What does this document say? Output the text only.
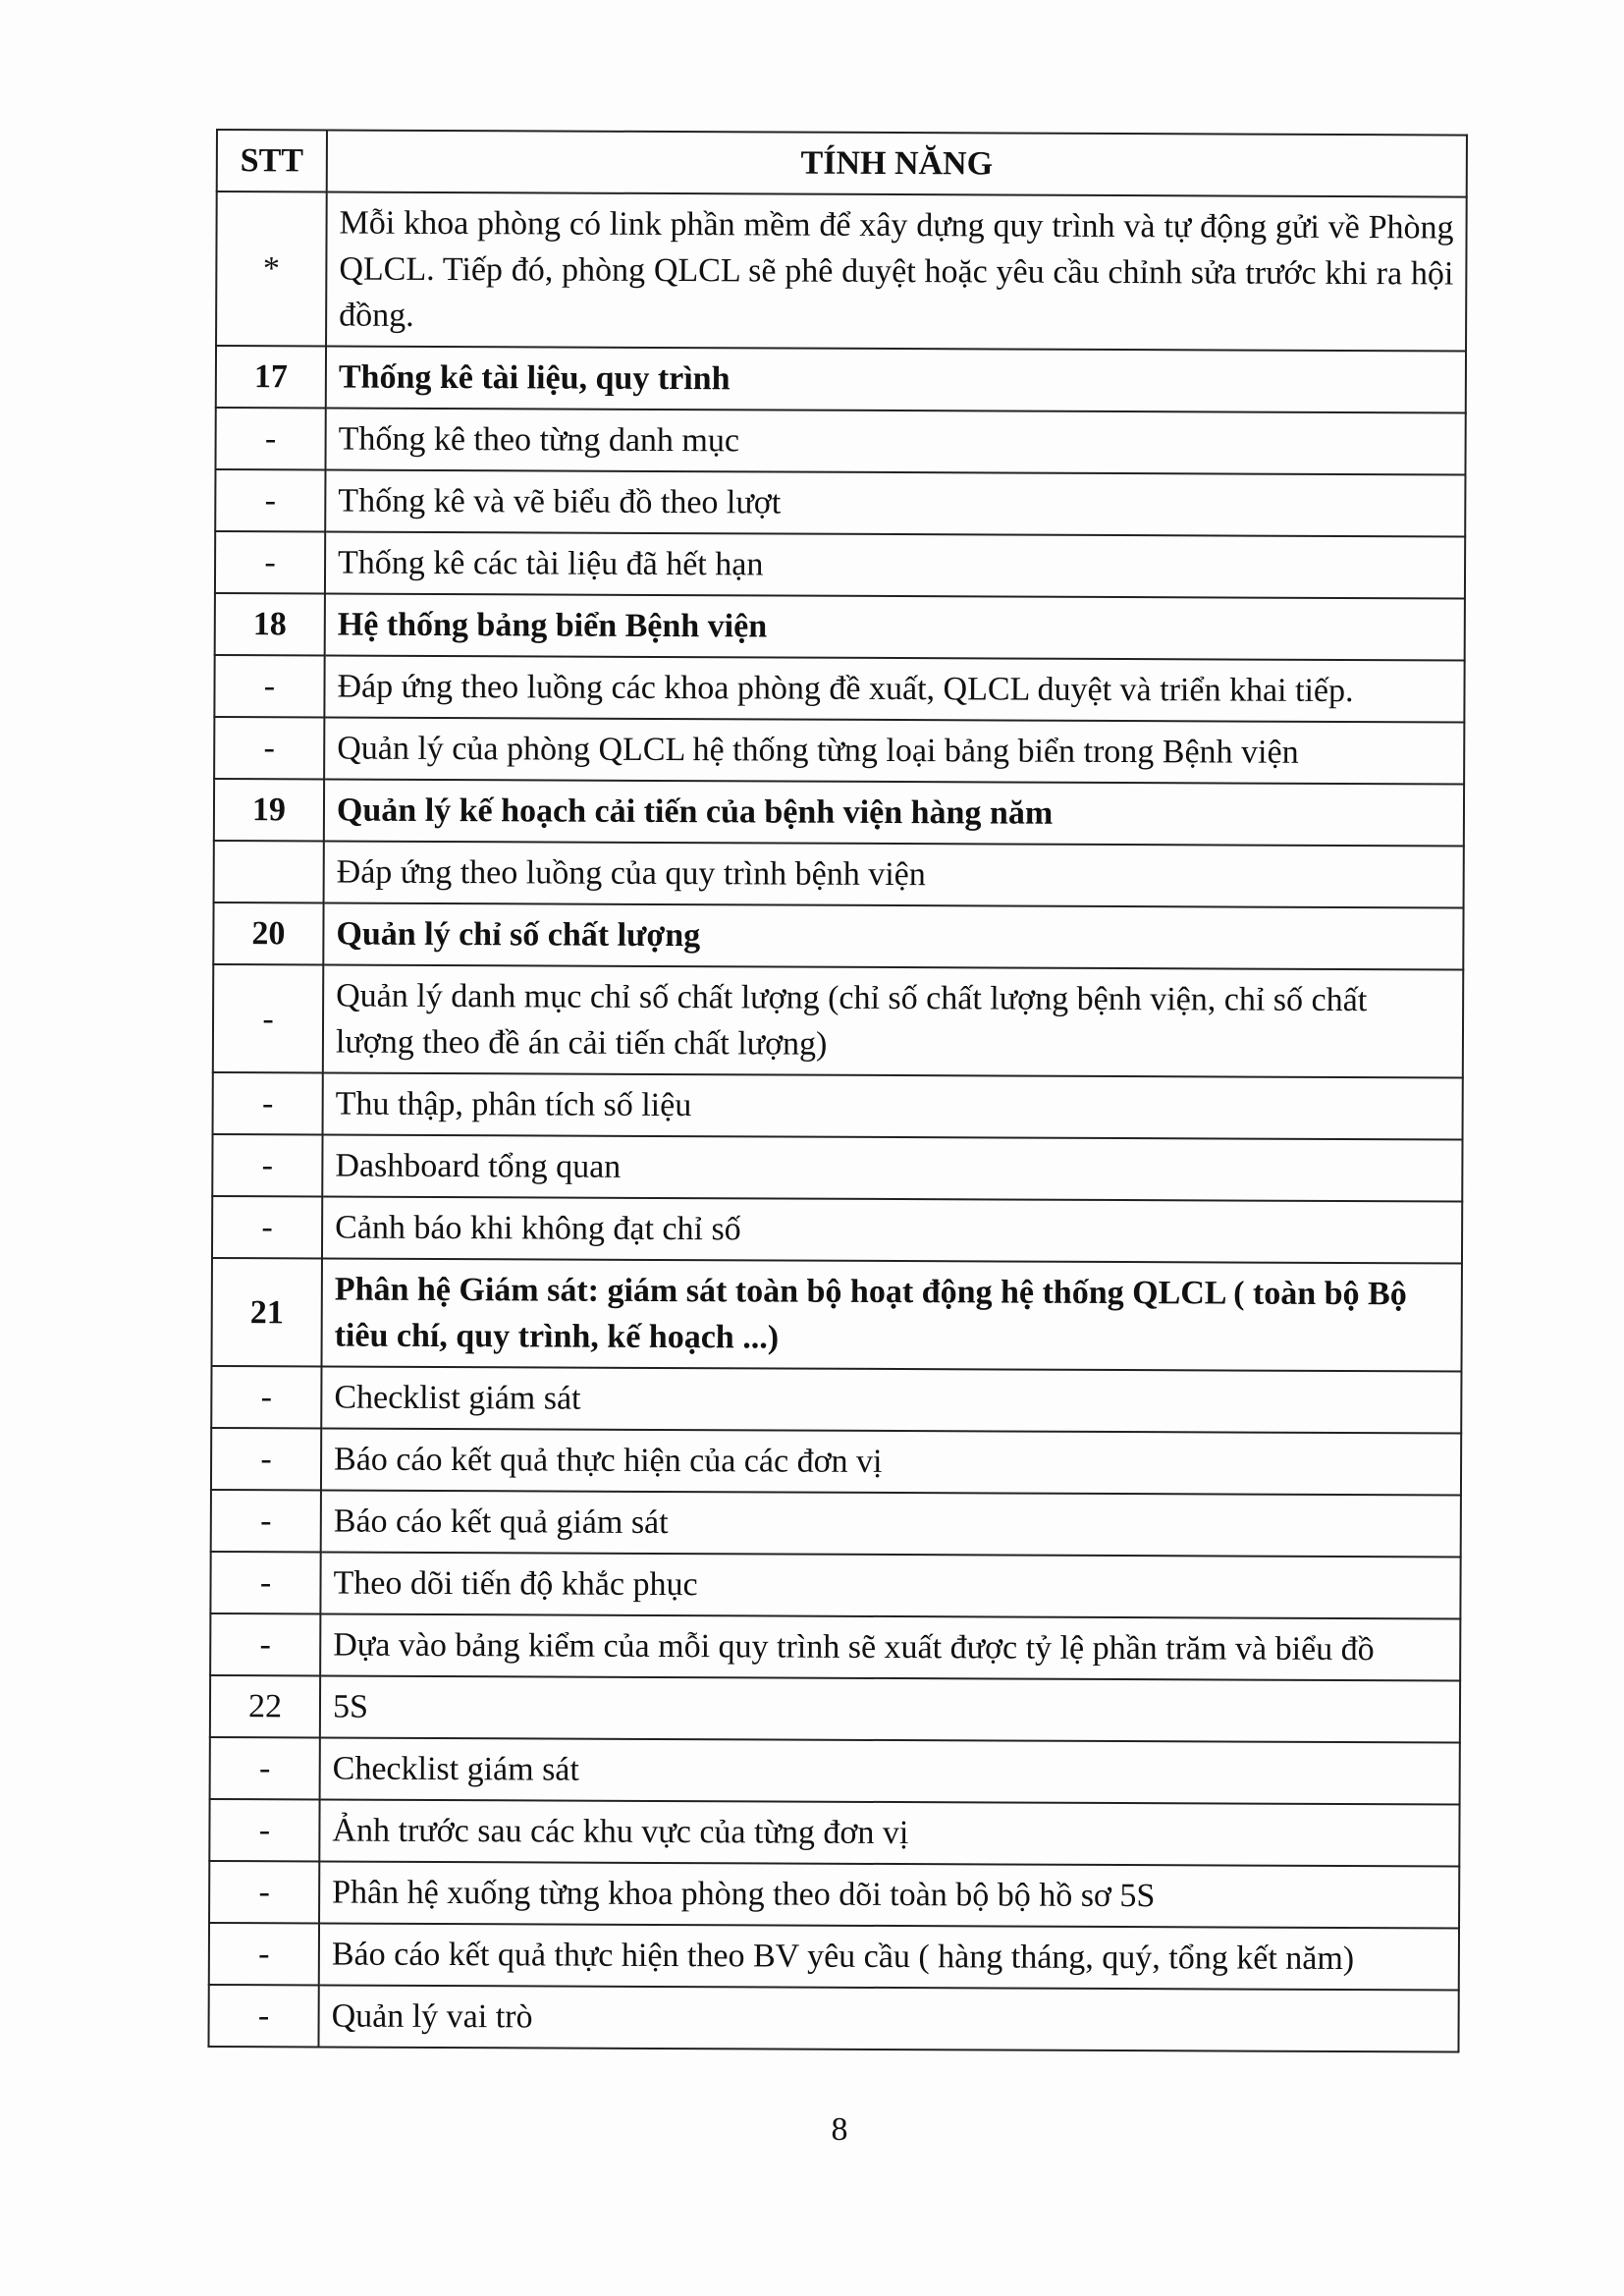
STT	TÍNH NĂNG
*	Mỗi khoa phòng có link phần mềm để xây dựng quy trình và tự động gửi về Phòng QLCL. Tiếp đó, phòng QLCL sẽ phê duyệt hoặc yêu cầu chỉnh sửa trước khi ra hội đồng.
17	Thống kê tài liệu, quy trình
-	Thống kê theo từng danh mục
-	Thống kê và vẽ biểu đồ theo lượt
-	Thống kê các tài liệu đã hết hạn
18	Hệ thống bảng biển Bệnh viện
-	Đáp ứng theo luồng các khoa phòng đề xuất, QLCL duyệt và triển khai tiếp.
-	Quản lý của phòng QLCL hệ thống từng loại bảng biển trong Bệnh viện
19	Quản lý kế hoạch cải tiến của bệnh viện hàng năm
	Đáp ứng theo luồng của quy trình bệnh viện
20	Quản lý chỉ số chất lượng
-	Quản lý danh mục chỉ số chất lượng (chỉ số chất lượng bệnh viện, chỉ số chất lượng theo đề án cải tiến chất lượng)
-	Thu thập, phân tích số liệu
-	Dashboard tổng quan
-	Cảnh báo khi không đạt chỉ số
21	Phân hệ Giám sát: giám sát toàn bộ hoạt động hệ thống QLCL ( toàn bộ Bộ tiêu chí, quy trình, kế hoạch ...)
-	Checklist giám sát
-	Báo cáo kết quả thực hiện của các đơn vị
-	Báo cáo kết quả giám sát
-	Theo dõi tiến độ khắc phục
-	Dựa vào bảng kiểm của mỗi quy trình sẽ xuất được tỷ lệ phần trăm và biểu đồ
22	5S
-	Checklist giám sát
-	Ảnh trước sau các khu vực của từng đơn vị
-	Phân hệ xuống từng khoa phòng theo dõi toàn bộ bộ hồ sơ 5S
-	Báo cáo kết quả thực hiện theo BV yêu cầu ( hàng tháng, quý, tổng kết năm)
-	Quản lý vai trò
8
